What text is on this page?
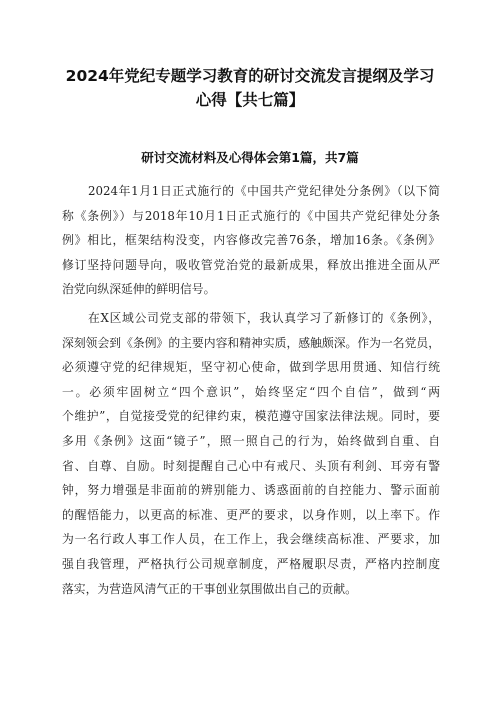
2024年党纪专题学习教育的研讨交流发言提纲及学习
心得【共七篇】
研讨交流材料及心得体会第1篇，共7篇
2024年1月1日正式施行的《中国共产党纪律处分条例》（以下简
称《条例》）与2018年10月1日正式施行的《中国共产党纪律处分条
例》相比，框架结构没变，内容修改完善76条，增加16条。《条例》
修订坚持问题导向，吸收管党治党的最新成果，释放出推进全面从严
治党向纵深延伸的鲜明信号。
在X区域公司党支部的带领下，我认真学习了新修订的《条例》，
深刻领会到《条例》的主要内容和精神实质，感触颇深。作为一名党员，
必须遵守党的纪律规矩，坚守初心使命，做到学思用贯通、知信行统
一。必须牢固树立“四个意识”，始终坚定“四个自信”，做到“两
个维护”，自觉接受党的纪律约束，模范遵守国家法律法规。同时，要
多用《条例》这面“镜子”，照一照自己的行为，始终做到自重、自
省、自尊、自励。时刻提醒自己心中有戒尺、头顶有利剑、耳旁有警
钟，努力增强是非面前的辨别能力、诱惑面前的自控能力、警示面前
的醒悟能力，以更高的标准、更严的要求，以身作则，以上率下。作
为一名行政人事工作人员，在工作上，我会继续高标准、严要求，加
强自我管理，严格执行公司规章制度，严格履职尽责，严格内控制度
落实，为营造风清气正的干事创业氛围做出自己的贡献。
